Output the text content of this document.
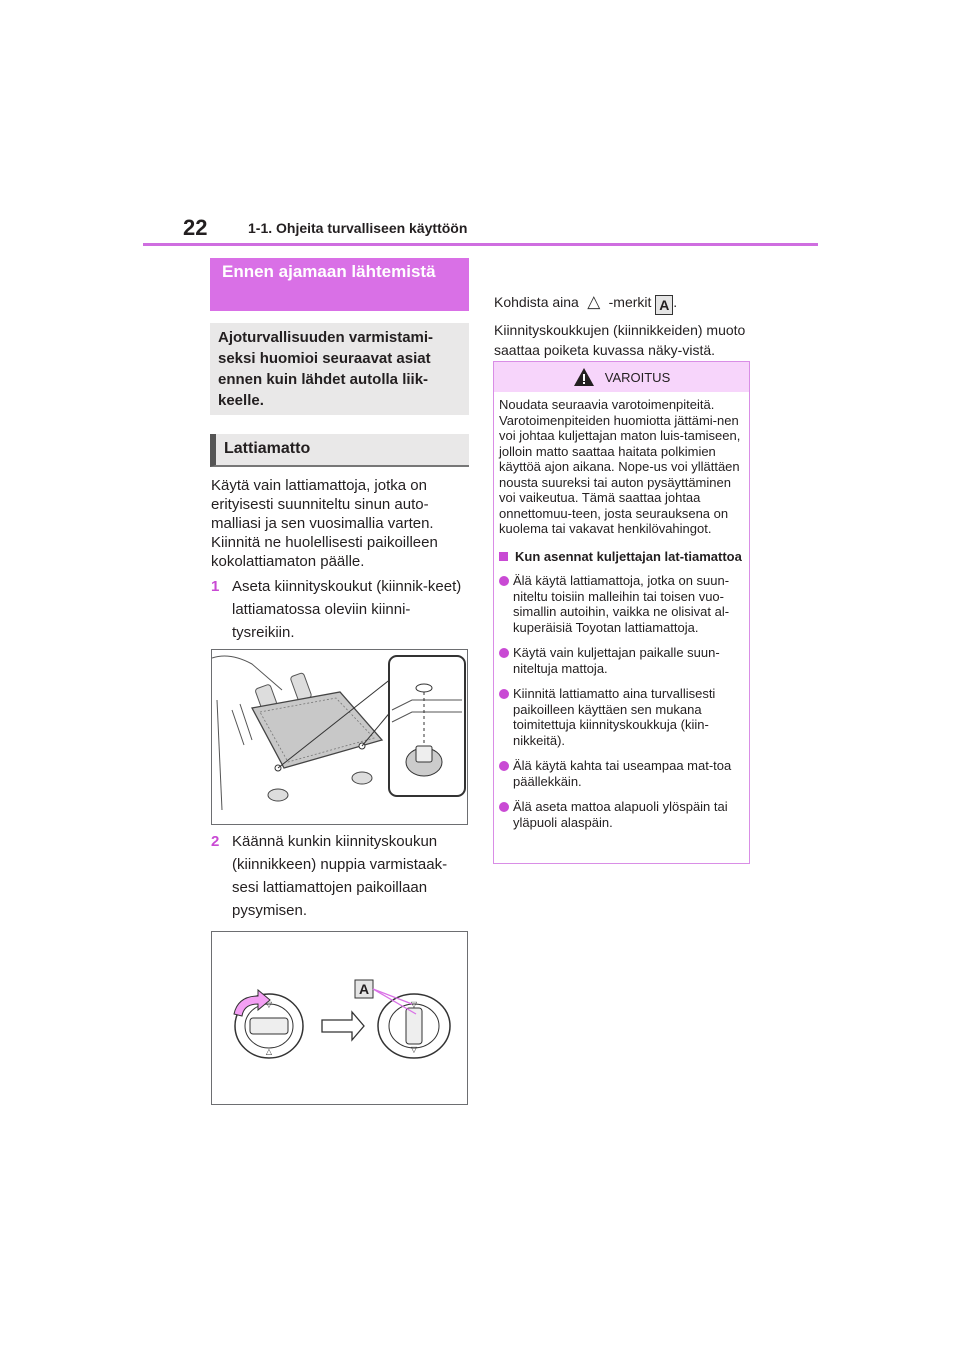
22	1-1. Ohjeita turvalliseen käyttöön
Ennen ajamaan lähtemistä
Ajoturvallisuuden varmistami-seksi huomioi seuraavat asiat ennen kuin lähdet autolla liik-keelle.
Lattiamatto
Käytä vain lattiamattoja, jotka on erityisesti suunniteltu sinun auto-malliasi ja sen vuosimallia varten. Kiinnitä ne huolellisesti paikoilleen kokolattiamaton päälle.
1 Aseta kiinnityskoukut (kiinnik-keet) lattiamatossa oleviin kiinni-tysreikiin.
2 Käännä kunkin kiinnityskoukun (kiinnikkeen) nuppia varmistaak-sesi lattiamattojen paikoillaan pysymisen.
▽
△
▽
▽
A
Kohdista aina △ -merkit A .
Kiinnityskoukkujen (kiinnikkeiden) muoto saattaa poiketa kuvassa näky-vistä.
VAROITUS
Noudata seuraavia varotoimenpiteitä. Varotoimenpiteiden huomiotta jättämi-nen voi johtaa kuljettajan maton luis-tamiseen, jolloin matto saattaa haitata polkimien käyttöä ajon aikana. Nope-us voi yllättäen nousta suureksi tai auton pysäyttäminen voi vaikeutua. Tämä saattaa johtaa onnettomuu-teen, josta seurauksena on kuolema tai vakavat henkilövahingot.
Kun asennat kuljettajan lat-tiamattoa
Älä käytä lattiamattoja, jotka on suun-niteltu toisiin malleihin tai toisen vuo-simallin autoihin, vaikka ne olisivat al-kuperäisiä Toyotan lattiamattoja.
Käytä vain kuljettajan paikalle suun-niteltuja mattoja.
Kiinnitä lattiamatto aina turvallisesti paikoilleen käyttäen sen mukana toimitettuja kiinnityskoukkuja (kiin-nikkeitä).
Älä käytä kahta tai useampaa mat-toa päällekkäin.
Älä aseta mattoa alapuoli ylöspäin tai yläpuoli alaspäin.
